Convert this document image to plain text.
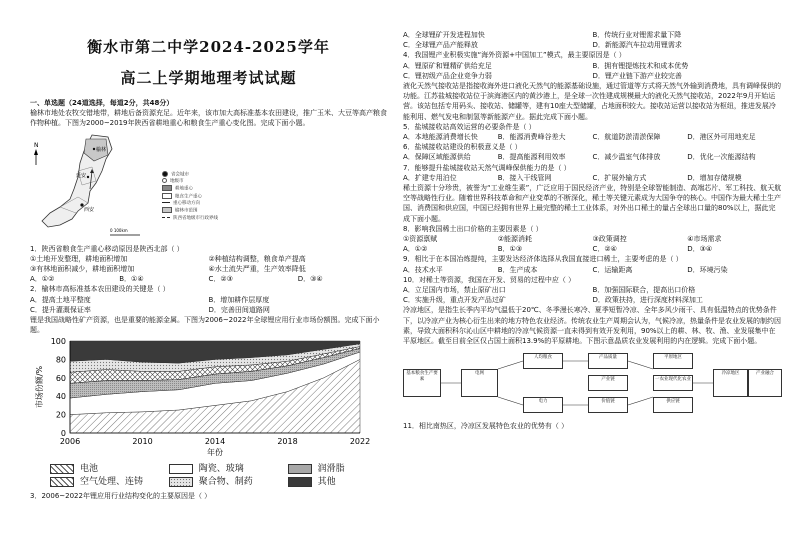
衡水市第二中学2024-2025学年
高二上学期地理考试试题

一、单选题（24道选择，每道2分，共48分）

榆林市地处农牧交错地带，耕地后备资源充足。近年来，该市加大高标准基本农田建设，推广玉米、大豆等高产粮食作物种植。下图为2000~2019年陕西省耕地重心和粮食生产重心变化图。完成下面小题。

榆林
延安
西安
N
0 100km
省会城市
地级市
耕地重心
粮食生产重心
重心移动方向
榆林市范围
陕西省地级市行政界线

1．陕西省粮食生产重心移动原因是陕西北部（ ）

①土地开发整理，耕地面积增加	②种植结构调整，粮食单产提高
③有林地面积减少，耕地面积增加	④水土流失严重，生产效率降低
A．①②	B．①④	C．②③	D．③④

2．榆林市高标准基本农田建设的关键是（ ）

A．提高土地平整度	B．增加耕作层厚度
C．提升灌溉保证率	D．完善田间道路网

锂是我国战略性矿产资源，也是重要的能源金属。下图为2006~2022年全球锂应用行业市场份额图。完成下面小题。

0
20
40
60
80
100
2006	2010	2014	2018	2022
市场份额/%
年份
电池	陶瓷、玻璃	润滑脂空气处理、连铸	聚合物、制药	其他

3．2006~2022年锂应用行业结构变化的主要原因是（ ）

A．全球锂矿开发进程加快	B．传统行业对锂需求量下降
C．全球锂产品产能释放	D．新能源汽车拉动用锂需求

4．我国锂产业积极实施“海外资源+中国加工”模式，最主要原因是（ ）

A．锂原矿和锂精矿供给充足	B．拥有锂提炼技术和成本优势
C．锂初级产品企业竞争力弱	D．锂产业链下游产业较完善

液化天然气接收站是指接收海外进口液化天然气的能源基础设施，通过管道等方式将天然气外输到消费地，具有调峰保供的功能。江苏盐城接收站位于滨海港区内的黄沙港上，是全球一次性建成规模最大的液化天然气接收站，2022年9月开始运营。该站包括专用码头、接收站、储罐等，建有10座大型储罐，占地面积较大。接收站运营以接收站为枢纽，推进发展冷能利用、燃气发电和制氢等新能源产业。据此完成下面小题。

5．盐城接收站高效运营的必要条件是（ ）

A．本地能源消费增长快	B．能源消费峰谷差大	C．航道防淤清淤保障	D．港区外可用地充足

6．盐城接收站建设的积极意义是（ ）

A．保障区域能源供给	B．提高能源利用效率	C．减少温室气体排放	D．优化一次能源结构

7．能够提升盐城接收站天然气调峰保供能力的是（ ）

A．扩建专用泊位	B．接入干线管网	C．扩展外输方式	D．增加存储规模

稀土资源十分珍贵，被誉为“工业维生素”，广泛应用于国民经济产业，特别是全球智能制造、高端芯片、军工科技、航天航空等战略性行业。随着世界科技革命和产业变革的不断深化，稀土等关键元素成为大国争夺的核心。中国作为最大稀土生产国、消费国和供应国，中国已经拥有世界上最完整的稀土工业体系，对外出口稀土的量占全球出口量的80%以上，据此完成下面小题。

8．影响我国稀土出口价格的主要因素是（ ）

①资源禀赋	②能源消耗	③政策调控	④市场需求
A．①②	B．①③	C．②④	D．③④

9．相比于在本国冶炼提纯，主要发达经济体选择从我国直接进口稀土，主要考虑的是（ ）

A．技术水平	B．生产成本	C．运输距离	D．环境污染

10．对稀土等资源，我国在开发、贸易的过程中应（ ）

A．立足国内市场，禁止原矿出口	B．加强国际联合，提高出口价格
C．实施升级，重点开发产品过矿	D．政策扶持，进行深度材料深加工

冷凉地区，是指生长季内平均气温低于20℃、冬季漫长寒冷、夏季短暂冷凉、全年多风少雨干、具有低温特点的优势条件下，以冷凉产业为核心衍生出来的地方特色农业经济。传统农业生产周期会认为，气候冷凉，热量条件是农业发展的制约因素，导致大面积科尔沁山区中耕地的冷凉气候资源一直未得到有效开发利用，90%以上的耕、林、牧、渔、业发展集中在平原地区。截至目前全区仅占国土面积13.9%的平原耕地。下图示意晶质农业发展利用的内在逻辑。完成下面小题。

基本粮食生产要素
电网
人均粮食
电力
产品质量
价值链
产业链
平原地区
一农业现代化农业
供应链
冷凉地区	产业融合

11．相比南热区，冷凉区发展特色农业的优势有（ ）
